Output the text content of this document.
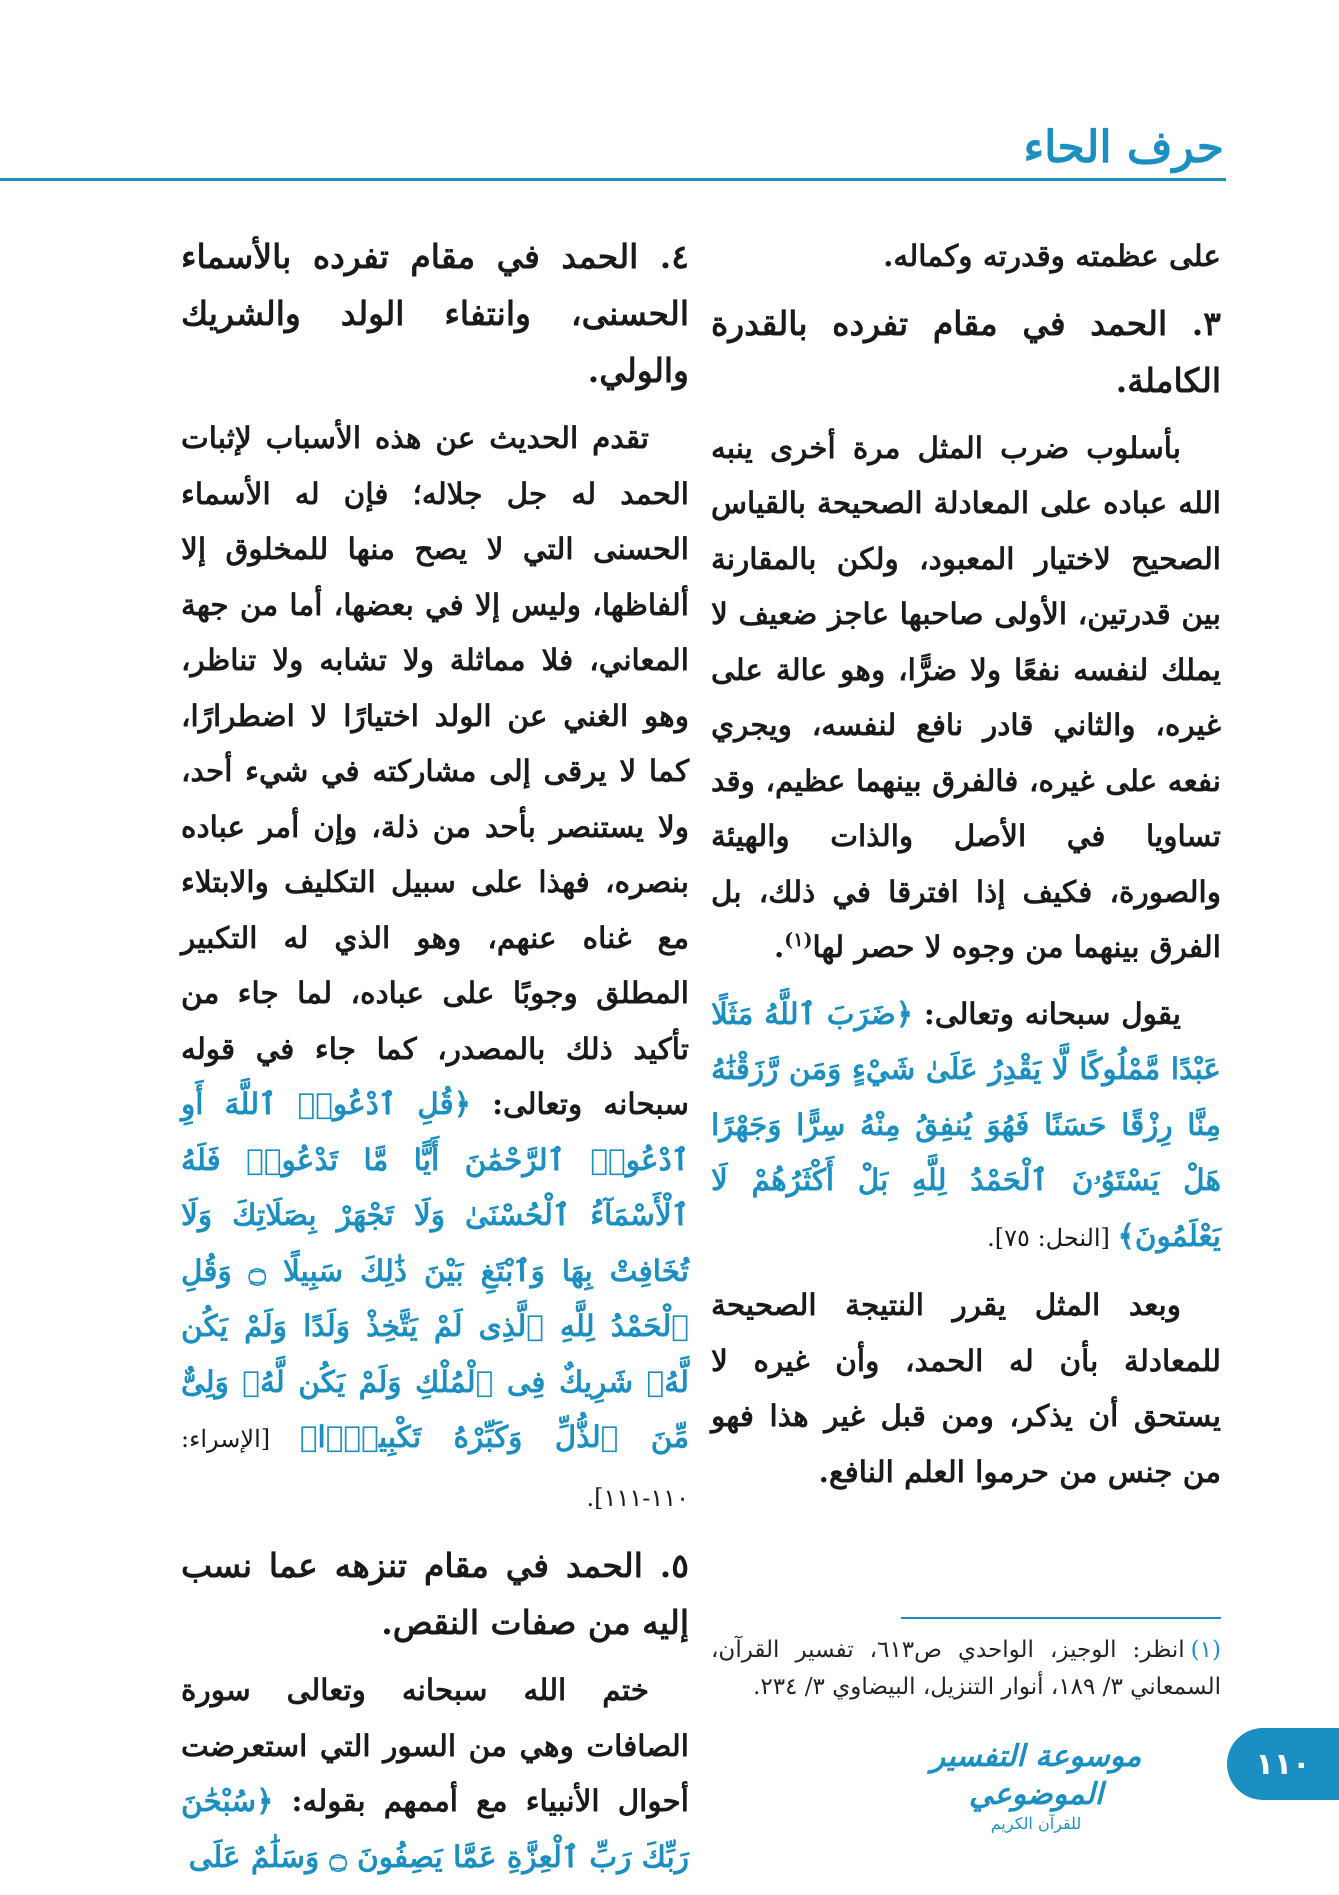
حرف الحاء

على عظمته وقدرته وكماله.

٣. الحمد في مقام تفرده بالقدرة الكاملة.

بأسلوب ضرب المثل مرة أخرى ينبه الله عباده على المعادلة الصحيحة بالقياس الصحيح لاختيار المعبود، ولكن بالمقارنة بين قدرتين، الأولى صاحبها عاجز ضعيف لا يملك لنفسه نفعًا ولا ضرًّا، وهو عالة على غيره، والثاني قادر نافع لنفسه، ويجري نفعه على غيره، فالفرق بينهما عظيم، وقد تساويا في الأصل والذات والهيئة والصورة، فكيف إذا افترقا في ذلك، بل الفرق بينهما من وجوه لا حصر لها$^{(١)}$.

يقول سبحانه وتعالى: ﴿ضَرَبَ ٱللَّهُ مَثَلًا عَبْدًا مَّمْلُوكًا لَّا يَقْدِرُ عَلَىٰ شَيْءٍ وَمَن رَّزَقْنَٰهُ مِنَّا رِزْقًا حَسَنًا فَهُوَ يُنفِقُ مِنْهُ سِرًّا وَجَهْرًا هَلْ يَسْتَوُۥنَ ٱلْحَمْدُ لِلَّهِ بَلْ أَكْثَرُهُمْ لَا يَعْلَمُونَ﴾ [النحل: ٧٥].

وبعد المثل يقرر النتيجة الصحيحة للمعادلة بأن له الحمد، وأن غيره لا يستحق أن يذكر، ومن قبل غير هذا فهو من جنس من حرموا العلم النافع.

٤. الحمد في مقام تفرده بالأسماء الحسنى، وانتفاء الولد والشريك والولي.

تقدم الحديث عن هذه الأسباب لإثبات الحمد له جل جلاله؛ فإن له الأسماء الحسنى التي لا يصح منها للمخلوق إلا ألفاظها، وليس إلا في بعضها، أما من جهة المعاني، فلا مماثلة ولا تشابه ولا تناظر، وهو الغني عن الولد اختيارًا لا اضطرارًا، كما لا يرقى إلى مشاركته في شيء أحد، ولا يستنصر بأحد من ذلة، وإن أمر عباده بنصره، فهذا على سبيل التكليف والابتلاء مع غناه عنهم، وهو الذي له التكبير المطلق وجوبًا على عباده، لما جاء من تأكيد ذلك بالمصدر، كما جاء في قوله سبحانه وتعالى: ﴿قُلِ ٱدْعُوا۟ ٱللَّهَ أَوِ ٱدْعُوا۟ ٱلرَّحْمَٰنَ أَيًّا مَّا تَدْعُوا۟ فَلَهُ ٱلْأَسْمَآءُ ٱلْحُسْنَىٰ وَلَا تَجْهَرْ بِصَلَاتِكَ وَلَا تُخَافِتْ بِهَا وَٱبْتَغِ بَيْنَ ذَٰلِكَ سَبِيلًا ۝ وَقُلِ ٱلْحَمْدُ لِلَّهِ ٱلَّذِى لَمْ يَتَّخِذْ وَلَدًا وَلَمْ يَكُن لَّهُۥ شَرِيكٌ فِى ٱلْمُلْكِ وَلَمْ يَكُن لَّهُۥ وَلِىٌّ مِّنَ ٱلذُّلِّ وَكَبِّرْهُ تَكْبِيرًۢا﴾ [الإسراء: ١١٠-١١١].

٥. الحمد في مقام تنزهه عما نسب إليه من صفات النقص.

ختم الله سبحانه وتعالى سورة الصافات وهي من السور التي استعرضت أحوال الأنبياء مع أممهم بقوله: ﴿سُبْحَٰنَ رَبِّكَ رَبِّ ٱلْعِزَّةِ عَمَّا يَصِفُونَ ۝ وَسَلَٰمٌ عَلَى

(١)انظر: الوجيز، الواحدي ص٦١٣، تفسير القرآن، السمعاني ٣/ ١٨٩، أنوار التنزيل، البيضاوي ٣/ ٢٣٤.
١١٠
موسوعة التفسير الموضوعي
للقرآن الكريم
